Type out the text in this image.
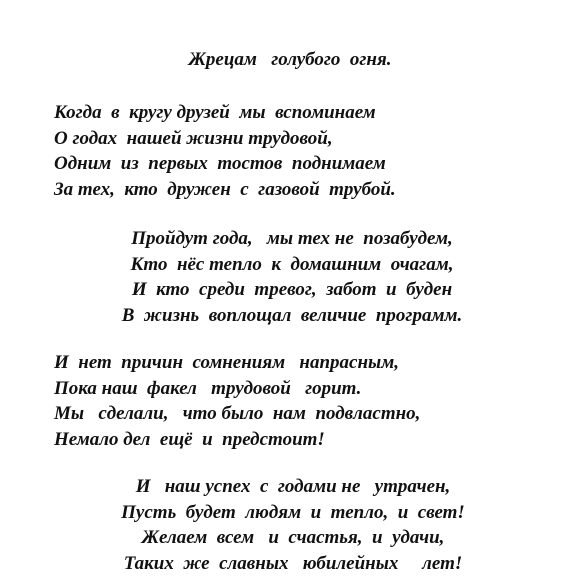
Жрецам   голубого  огня.
Когда  в  кругу друзей  мы  вспоминаем
О годах  нашей жизни трудовой,
Одним  из  первых  тостов  поднимаем
За тех,  кто  дружен  с  газовой  трубой.
Пройдут года,   мы тех не  позабудем,
Кто  нёс тепло  к  домашним  очагам,
И  кто  среди  тревог,  забот  и  буден
В  жизнь  воплощал  величие  программ.
И  нет  причин  сомнениям   напрасным,
Пока наш  факел   трудовой   горит.
Мы   сделали,   что было  нам  подвластно,
Немало дел  ещё  и  предстоит!
И   наш успех  с  годами не   утрачен,
Пусть  будет  людям  и  тепло,  и  свет!
Желаем  всем   и  счастья,  и  удачи,
Таких  же  славных   юбилейных     лет!
